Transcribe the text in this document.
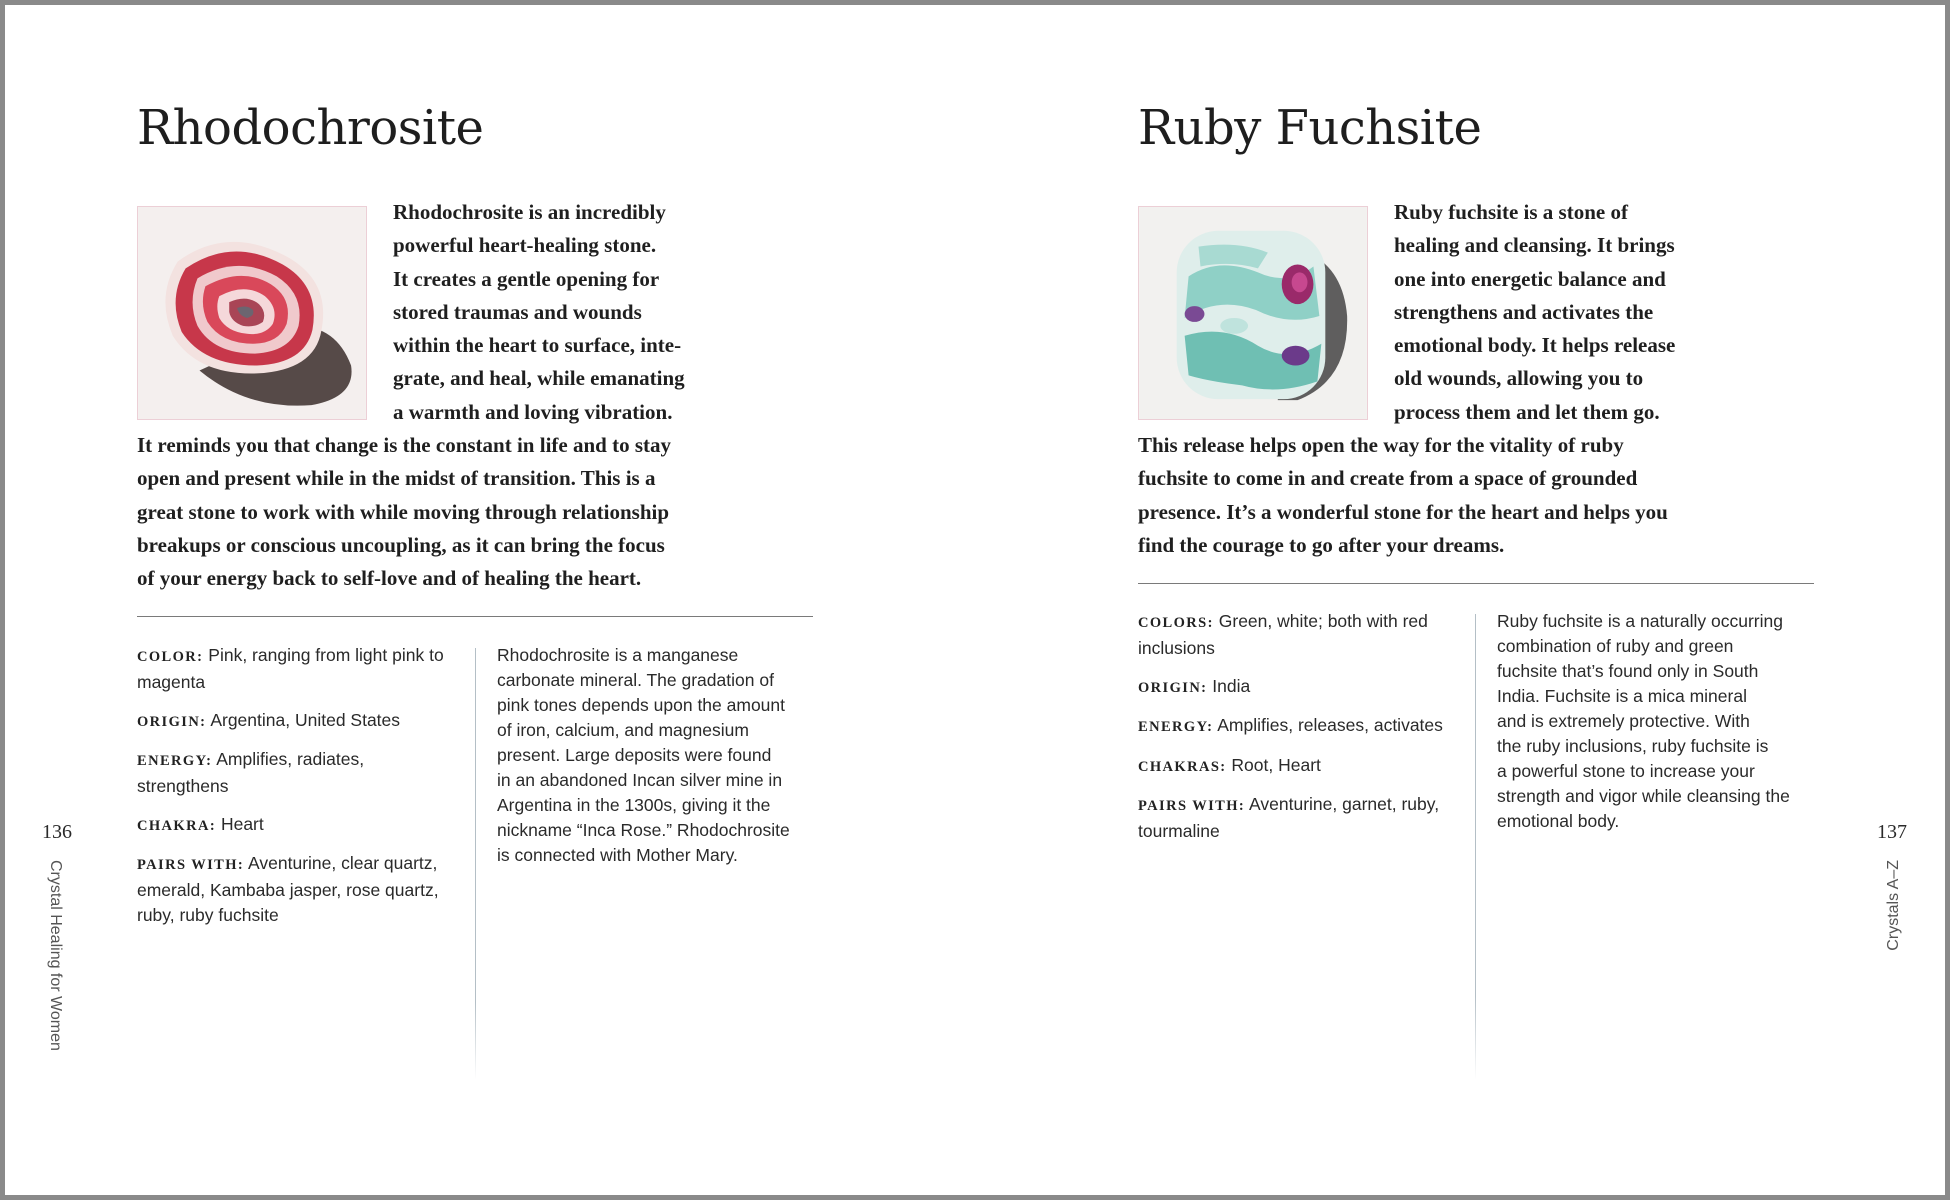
Rhodochrosite

Rhodochrosite is an incredibly
powerful heart-healing stone.
It creates a gentle opening for
stored traumas and wounds
within the heart to surface, inte-
grate, and heal, while emanating
a warmth and loving vibration.
It reminds you that change is the constant in life and to stay
open and present while in the midst of transition. This is a
great stone to work with while moving through relationship
breakups or conscious uncoupling, as it can bring the focus
of your energy back to self-love and of healing the heart.

COLOR: Pink, ranging from light pink to magenta

ORIGIN: Argentina, United States

ENERGY: Amplifies, radiates, strengthens

CHAKRA: Heart

PAIRS WITH: Aventurine, clear quartz, emerald, Kambaba jasper, rose quartz, ruby, ruby fuchsite

Rhodochrosite is a manganese
carbonate mineral. The gradation of
pink tones depends upon the amount
of iron, calcium, and magnesium
present. Large deposits were found
in an abandoned Incan silver mine in
Argentina in the 1300s, giving it the
nickname “Inca Rose.” Rhodochrosite
is connected with Mother Mary.

136

Crystal Healing for Women

Ruby Fuchsite

Ruby fuchsite is a stone of
healing and cleansing. It brings
one into energetic balance and
strengthens and activates the
emotional body. It helps release
old wounds, allowing you to
process them and let them go.
This release helps open the way for the vitality of ruby
fuchsite to come in and create from a space of grounded
presence. It’s a wonderful stone for the heart and helps you
find the courage to go after your dreams.

COLORS: Green, white; both with red inclusions

ORIGIN: India

ENERGY: Amplifies, releases, activates

CHAKRAS: Root, Heart

PAIRS WITH: Aventurine, garnet, ruby, tourmaline

Ruby fuchsite is a naturally occurring
combination of ruby and green
fuchsite that’s found only in South
India. Fuchsite is a mica mineral
and is extremely protective. With
the ruby inclusions, ruby fuchsite is
a powerful stone to increase your
strength and vigor while cleansing the
emotional body.	137

Crystals A–Z
